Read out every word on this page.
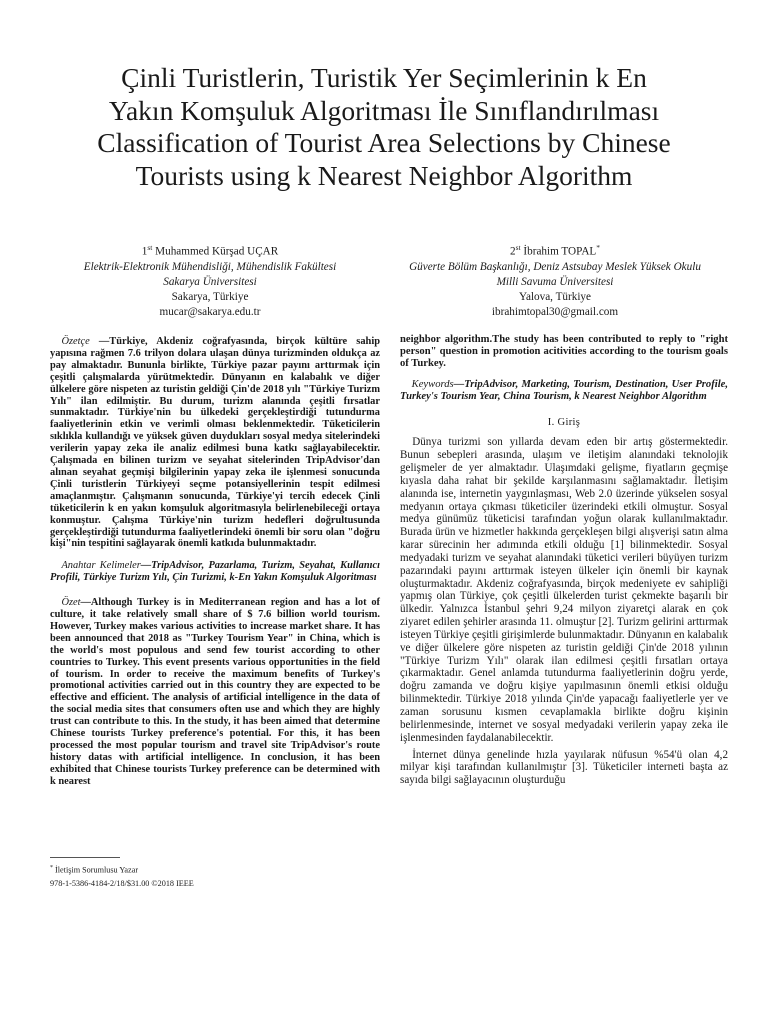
Çinli Turistlerin, Turistik Yer Seçimlerinin k En
Yakın Komşuluk Algoritması İle Sınıflandırılması
Classification of Tourist Area Selections by Chinese
Tourists using k Nearest Neighbor Algorithm
1st Muhammed Kürşad UÇAR
Elektrik-Elektronik Mühendisliği, Mühendislik Fakültesi
Sakarya Üniversitesi
Sakarya, Türkiye
mucar@sakarya.edu.tr
2st İbrahim TOPAL*
Güverte Bölüm Başkanlığı, Deniz Astsubay Meslek Yüksek Okulu
Milli Savuma Üniversitesi
Yalova, Türkiye
ibrahimtopal30@gmail.com

Özetçe —Türkiye, Akdeniz coğrafyasında, birçok kültüre sahip yapısına rağmen 7.6 trilyon dolara ulaşan dünya turizminden oldukça az pay almaktadır. Bununla birlikte, Türkiye pazar payını arttırmak için çeşitli çalışmalarda yürütmektedir. Dünyanın en kalabalık ve diğer ülkelere göre nispeten az turistin geldiği Çin'de 2018 yılı "Türkiye Turizm Yılı" ilan edilmiştir. Bu durum, turizm alanında çeşitli fırsatlar sunmaktadır. Türkiye'nin bu ülkedeki gerçekleştirdiği tutundurma faaliyetlerinin etkin ve verimli olması beklenmektedir. Tüketicilerin sıklıkla kullandığı ve yüksek güven duydukları sosyal medya sitelerindeki verilerin yapay zeka ile analiz edilmesi buna katkı sağlayabilecektir. Çalışmada en bilinen turizm ve seyahat sitelerinden TripAdvisor'dan alınan seyahat geçmişi bilgilerinin yapay zeka ile işlenmesi sonucunda Çinli turistlerin Türkiyeyi seçme potansiyellerinin tespit edilmesi amaçlanmıştır. Çalışmanın sonucunda, Türkiye'yi tercih edecek Çinli tüketicilerin k en yakın komşuluk algoritmasıyla belirlenebileceği ortaya konmuştur. Çalışma Türkiye'nin turizm hedefleri doğrultusunda gerçekleştirdiği tutundurma faaliyetlerindeki önemli bir soru olan "doğru kişi"nin tespitini sağlayarak önemli katkıda bulunmaktadır.

Anahtar Kelimeler—TripAdvisor, Pazarlama, Turizm, Seyahat, Kullanıcı Profili, Türkiye Turizm Yılı, Çin Turizmi, k-En Yakın Komşuluk Algoritması

Özet—Although Turkey is in Mediterranean region and has a lot of culture, it take relatively small share of $ 7.6 billion world tourism. However, Turkey makes various activities to increase market share. It has been announced that 2018 as "Turkey Tourism Year" in China, which is the world's most populous and send few tourist according to other countries to Turkey. This event presents various opportunities in the field of tourism. In order to receive the maximum benefits of Turkey's promotional activities carried out in this country they are expected to be effective and efficient. The analysis of artificial intelligence in the data of the social media sites that consumers often use and which they are highly trust can contribute to this. In the study, it has been aimed that determine Chinese tourists Turkey preference's potential. For this, it has been processed the most popular tourism and travel site TripAdvisor's route history datas with artificial intelligence. In conclusion, it has been exhibited that Chinese tourists Turkey preference can be determined with k nearest

neighbor algorithm.The study has been contributed to reply to "right person" question in promotion acitivities according to the tourism goals of Turkey.

Keywords—TripAdvisor, Marketing, Tourism, Destination, User Profile, Turkey's Tourism Year, China Tourism, k Nearest Neighbor Algorithm

I. Giriş

Dünya turizmi son yıllarda devam eden bir artış göstermektedir. Bunun sebepleri arasında, ulaşım ve iletişim alanındaki teknolojik gelişmeler de yer almaktadır. Ulaşımdaki gelişme, fiyatların geçmişe kıyasla daha rahat bir şekilde karşılanmasını sağlamaktadır. İletişim alanında ise, internetin yaygınlaşması, Web 2.0 üzerinde yükselen sosyal medyanın ortaya çıkması tüketiciler üzerindeki etkili olmuştur. Sosyal medya günümüz tüketicisi tarafından yoğun olarak kullanılmaktadır. Burada ürün ve hizmetler hakkında gerçekleşen bilgi alışverişi satın alma karar sürecinin her adımında etkili olduğu [1] bilinmektedir. Sosyal medyadaki turizm ve seyahat alanındaki tüketici verileri büyüyen turizm pazarındaki payını arttırmak isteyen ülkeler için önemli bir kaynak oluşturmaktadır. Akdeniz coğrafyasında, birçok medeniyete ev sahipliği yapmış olan Türkiye, çok çeşitli ülkelerden turist çekmekte başarılı bir ülkedir. Yalnızca İstanbul şehri 9,24 milyon ziyaretçi alarak en çok ziyaret edilen şehirler arasında 11. olmuştur [2]. Turizm gelirini arttırmak isteyen Türkiye çeşitli girişimlerde bulunmaktadır. Dünyanın en kalabalık ve diğer ülkelere göre nispeten az turistin geldiği Çin'de 2018 yılının "Türkiye Turizm Yılı" olarak ilan edilmesi çeşitli fırsatları ortaya çıkarmaktadır. Genel anlamda tutundurma faaliyetlerinin doğru yerde, doğru zamanda ve doğru kişiye yapılmasının önemli etkisi olduğu bilinmektedir. Türkiye 2018 yılında Çin'de yapacağı faaliyetlerle yer ve zaman sorusunu kısmen cevaplamakla birlikte doğru kişinin belirlenmesinde, internet ve sosyal medyadaki verilerin yapay zeka ile işlenmesinden faydalanabilecektir.

İnternet dünya genelinde hızla yayılarak nüfusun %54'ü olan 4,2 milyar kişi tarafından kullanılmıştır [3]. Tüketiciler interneti başta az sayıda bilgi sağlayacının oluşturduğu

* İletişim Sorumlusu Yazar
978-1-5386-4184-2/18/$31.00 ©2018 IEEE
